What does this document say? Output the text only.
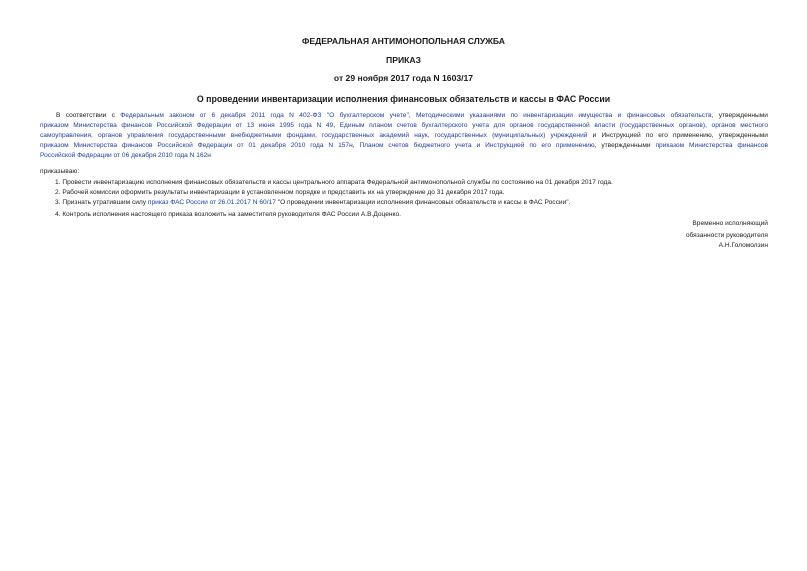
ФЕДЕРАЛЬНАЯ АНТИМОНОПОЛЬНАЯ СЛУЖБА
ПРИКАЗ
от 29 ноября 2017 года N 1603/17
О проведении инвентаризации исполнения финансовых обязательств и кассы в ФАС России
В соответствии с Федеральным законом от 6 декабря 2011 года N 402-ФЗ "О бухгалтерском учете", Методическими указаниями по инвентаризации имущества и финансовых обязательств, утвержденными
приказом Министерства финансов Российской Федерации от 13 июня 1995 года N 49, Единым планом счетов бухгалтерского учета для органов государственной власти (государственных органов), органов местного
самоуправления, органов управления государственными внебюджетными фондами, государственных академий наук, государственных (муниципальных) учреждений и Инструкцией по его применению, утвержденными
приказом Министерства финансов Российской Федерации от 01 декабря 2010 года N 157н, Планом счетов бюджетного учета и Инструкцией по его применению, утвержденными приказом Министерства финансов
Российской Федерации от 06 декабря 2010 года N 162н
приказываю:
1. Провести инвентаризацию исполнения финансовых обязательств и кассы центрального аппарата Федеральной антимонопольной службы по состоянию на 01 декабря 2017 года.
2. Рабочей комиссии оформить результаты инвентаризации в установленном порядке и представить их на утверждение до 31 декабря 2017 года.
3. Признать утратившим силу приказ ФАС России от 26.01.2017 N 60/17 "О проведении инвентаризации исполнения финансовых обязательств и кассы в ФАС России".
4. Контроль исполнения настоящего приказа возложить на заместителя руководителя ФАС России А.В.Доценко.
Временно исполняющий
обязанности руководителя
А.Н.Голомолзин
